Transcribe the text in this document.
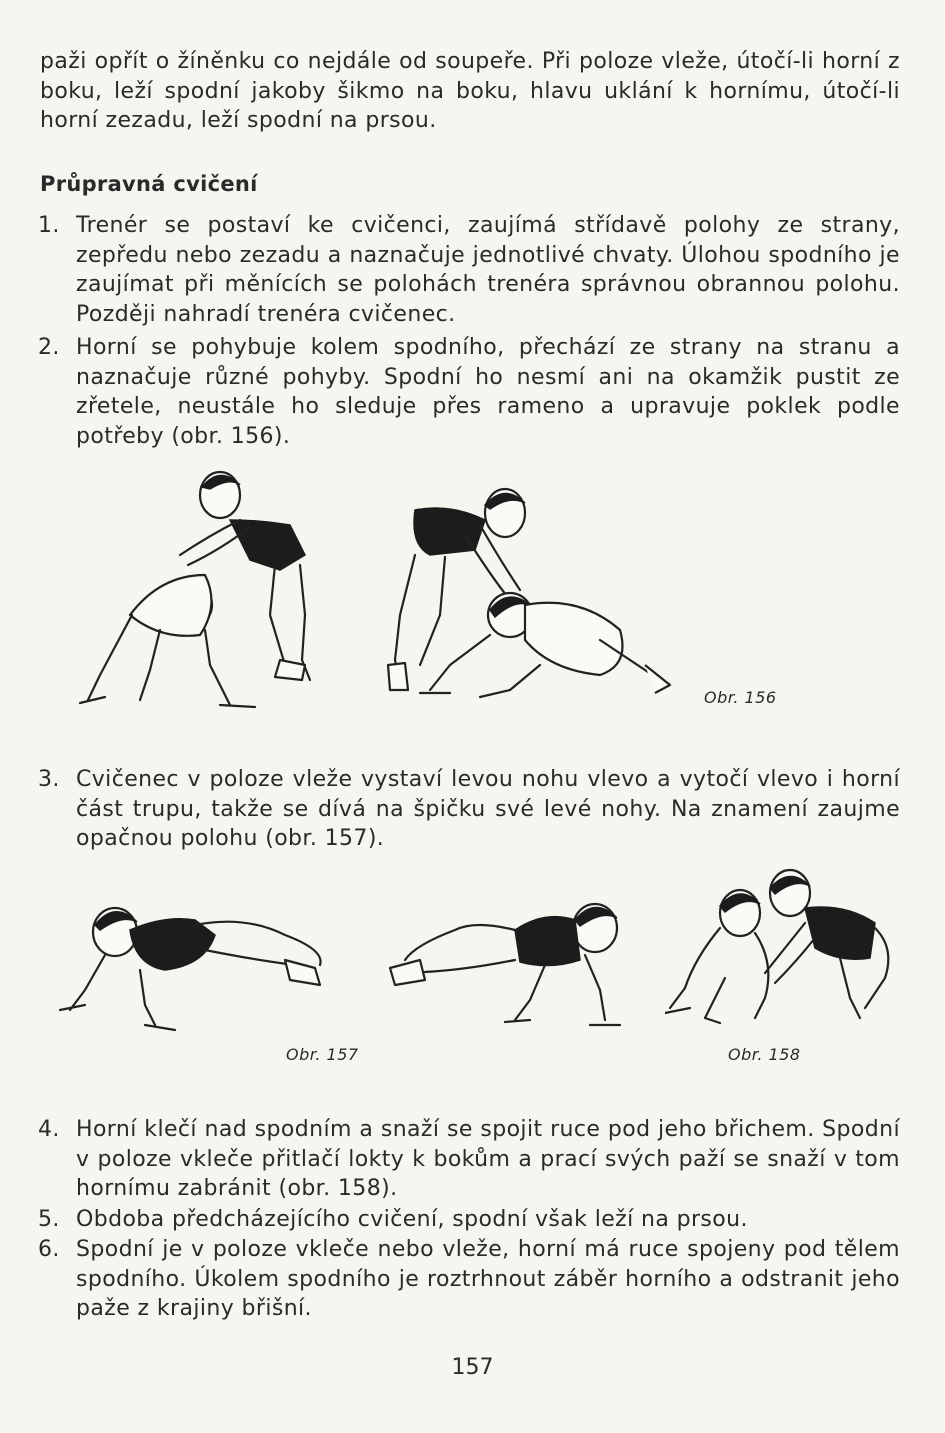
paži opřít o žíněnku co nejdále od soupeře. Při poloze vleže, útočí-li horní z boku, leží spodní jakoby šikmo na boku, hlavu uklání k hornímu, útočí-li horní zezadu, leží spodní na prsou.

Průpravná cvičení
1. Trenér se postaví ke cvičenci, zaujímá střídavě polohy ze strany, zepředu nebo zezadu a naznačuje jednotlivé chvaty. Úlohou spodního je zaujímat při měnících se polohách trenéra správnou obrannou polohu. Později nahradí trenéra cvičenec.
2. Horní se pohybuje kolem spodního, přechází ze strany na stranu a naznačuje různé pohyby. Spodní ho nesmí ani na okamžik pustit ze zřetele, neustále ho sleduje přes rameno a upravuje poklek podle potřeby (obr. 156).
Obr. 156
3. Cvičenec v poloze vleže vystaví levou nohu vlevo a vytočí vlevo i horní část trupu, takže se dívá na špičku své levé nohy. Na znamení zaujme opačnou polohu (obr. 157).
Obr. 157	Obr. 158
4. Horní klečí nad spodním a snaží se spojit ruce pod jeho břichem. Spodní v poloze vkleče přitlačí lokty k bokům a prací svých paží se snaží v tom hornímu zabránit (obr. 158).
5. Obdoba předcházejícího cvičení, spodní však leží na prsou.
6. Spodní je v poloze vkleče nebo vleže, horní má ruce spojeny pod tělem spodního. Úkolem spodního je roztrhnout záběr horního a odstranit jeho paže z krajiny břišní.
157
